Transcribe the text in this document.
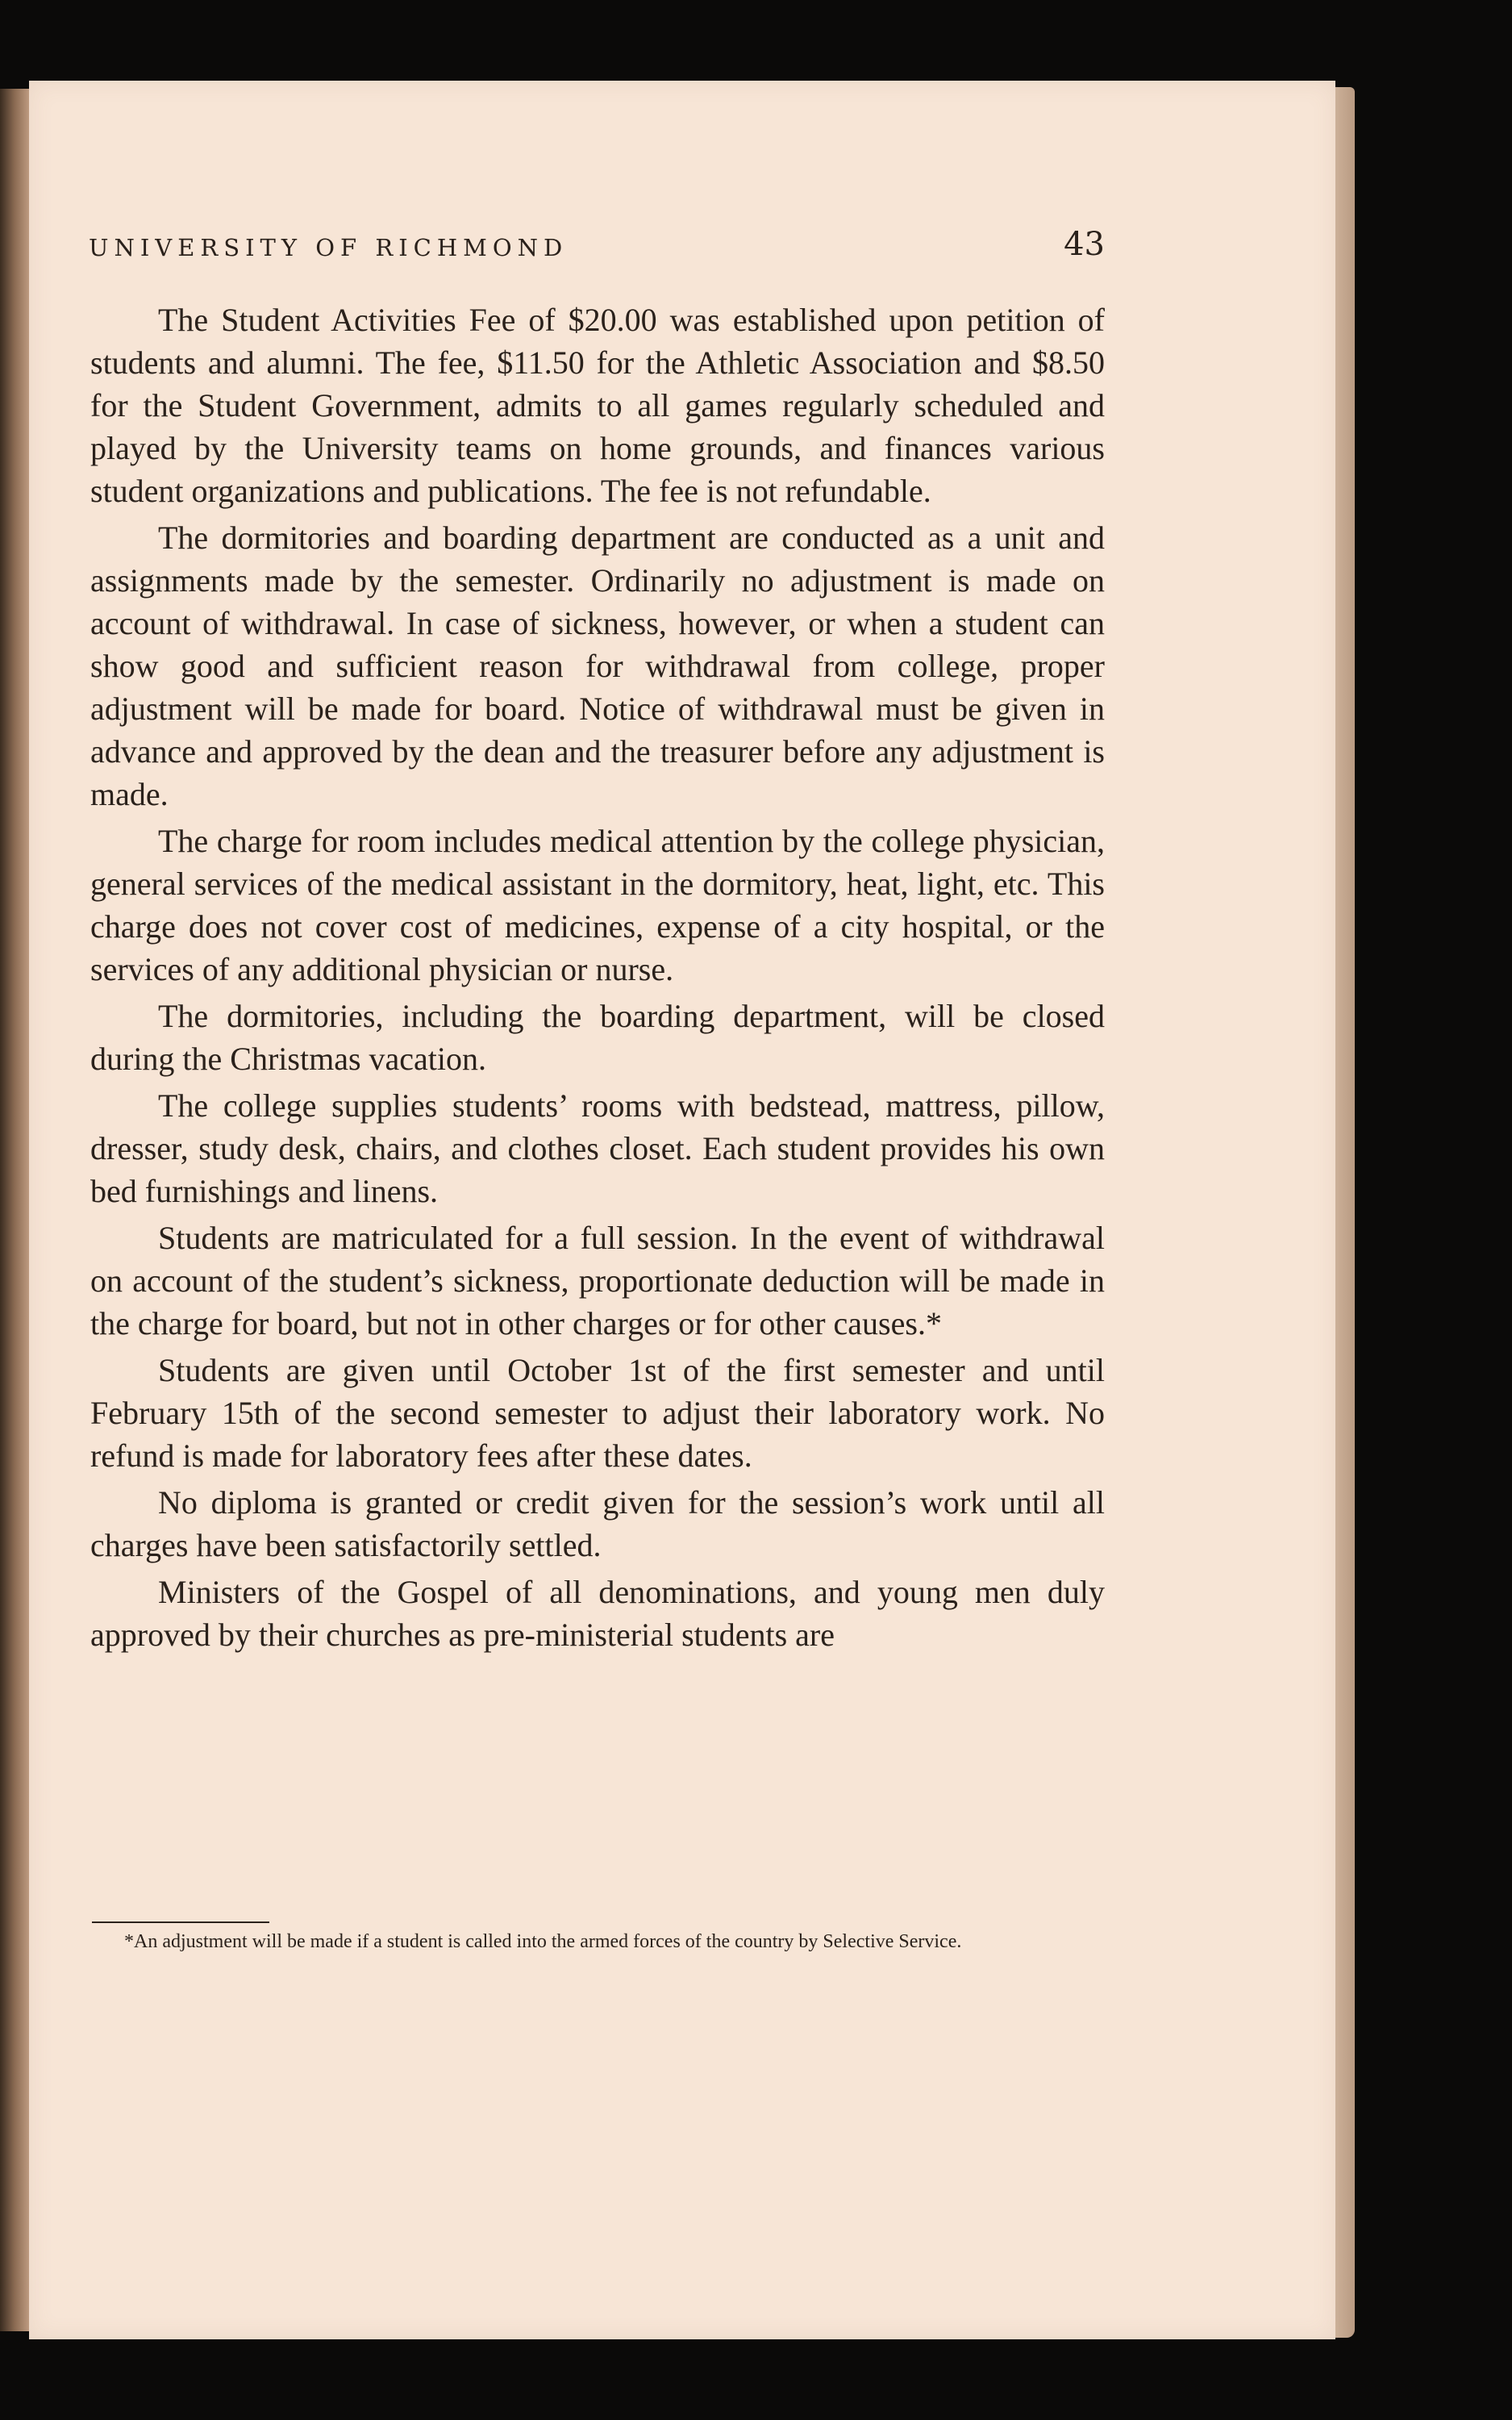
UNIVERSITY OF RICHMOND	43

The Student Activities Fee of $20.00 was established upon petition of students and alumni. The fee, $11.50 for the Athletic Association and $8.50 for the Student Government, admits to all games regularly scheduled and played by the University teams on home grounds, and finances various student organizations and publications. The fee is not refundable.

The dormitories and boarding department are conducted as a unit and assignments made by the semester. Ordinarily no adjustment is made on account of withdrawal. In case of sickness, however, or when a student can show good and sufficient reason for withdrawal from college, proper adjustment will be made for board. Notice of withdrawal must be given in advance and approved by the dean and the treasurer before any adjustment is made.

The charge for room includes medical attention by the college physician, general services of the medical assistant in the dormitory, heat, light, etc. This charge does not cover cost of medicines, expense of a city hospital, or the services of any additional physician or nurse.

The dormitories, including the boarding department, will be closed during the Christmas vacation.

The college supplies students’ rooms with bedstead, mattress, pillow, dresser, study desk, chairs, and clothes closet. Each student provides his own bed furnishings and linens.

Students are matriculated for a full session. In the event of withdrawal on account of the student’s sickness, proportionate deduction will be made in the charge for board, but not in other charges or for other causes.*

Students are given until October 1st of the first semester and until February 15th of the second semester to adjust their laboratory work. No refund is made for laboratory fees after these dates.

No diploma is granted or credit given for the session’s work until all charges have been satisfactorily settled.

Ministers of the Gospel of all denominations, and young men duly approved by their churches as pre-ministerial students are

*An adjustment will be made if a student is called into the armed forces of the country by Selective Service.
